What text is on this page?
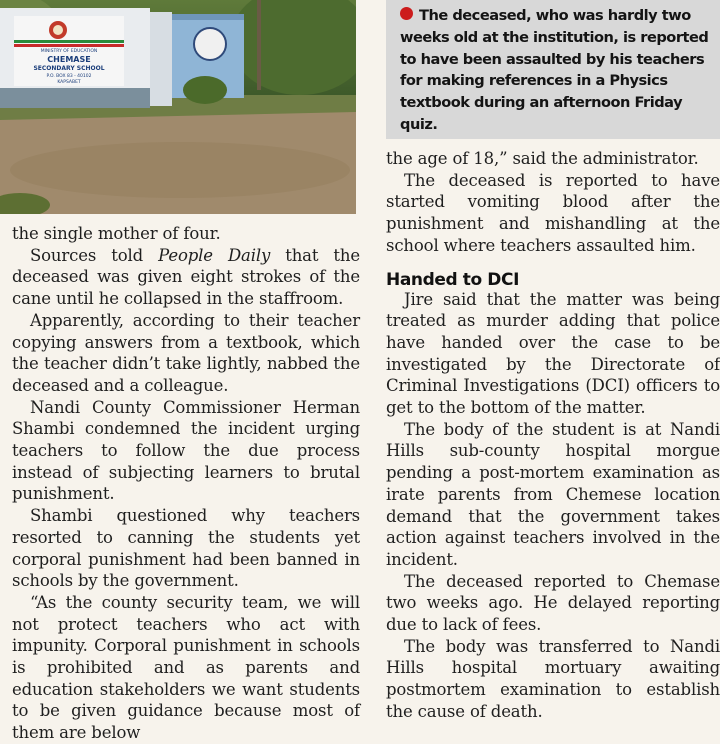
MINISTRY OF EDUCATION
CHEMASE
SECONDARY SCHOOL
P.O. BOX 83 - 40102
KAPSABET
The deceased, who was hardly two weeks old at the institution, is reported to have been assaulted by his teachers for making references in a Physics textbook during an afternoon Friday quiz.

the single mother of four.

Sources told People Daily that the deceased was given eight strokes of the cane until he collapsed in the staffroom.

Apparently, according to their teacher copying answers from a textbook, which the teacher didn’t take lightly, nabbed the deceased and a colleague.

Nandi County Commissioner Herman Shambi condemned the incident urging teachers to follow the due process instead of subjecting learners to brutal punishment.

Shambi questioned why teachers resorted to canning the students yet corporal punishment had been banned in schools by the government.

“As the county security team, we will not protect teachers who act with impunity. Corporal punishment in schools is prohibited and as parents and education stakeholders we want students to be given guidance because most of them are below

the age of 18,” said the administrator.

The deceased is reported to have started vomiting blood after the punishment and mishandling at the school where teachers assaulted him.

Handed to DCI

Jire said that the matter was being treated as murder adding that police have handed over the case to be investigated by the Directorate of Criminal Investigations (DCI) officers to get to the bottom of the matter.

The body of the student is at Nandi Hills sub-county hospital morgue pending a post-mortem examination as irate parents from Chemese location demand that the government takes action against teachers involved in the incident.

The deceased reported to Chemase two weeks ago. He delayed reporting due to lack of fees.

The body was transferred to Nandi Hills hospital mortuary awaiting postmortem examination to establish the cause of death.
